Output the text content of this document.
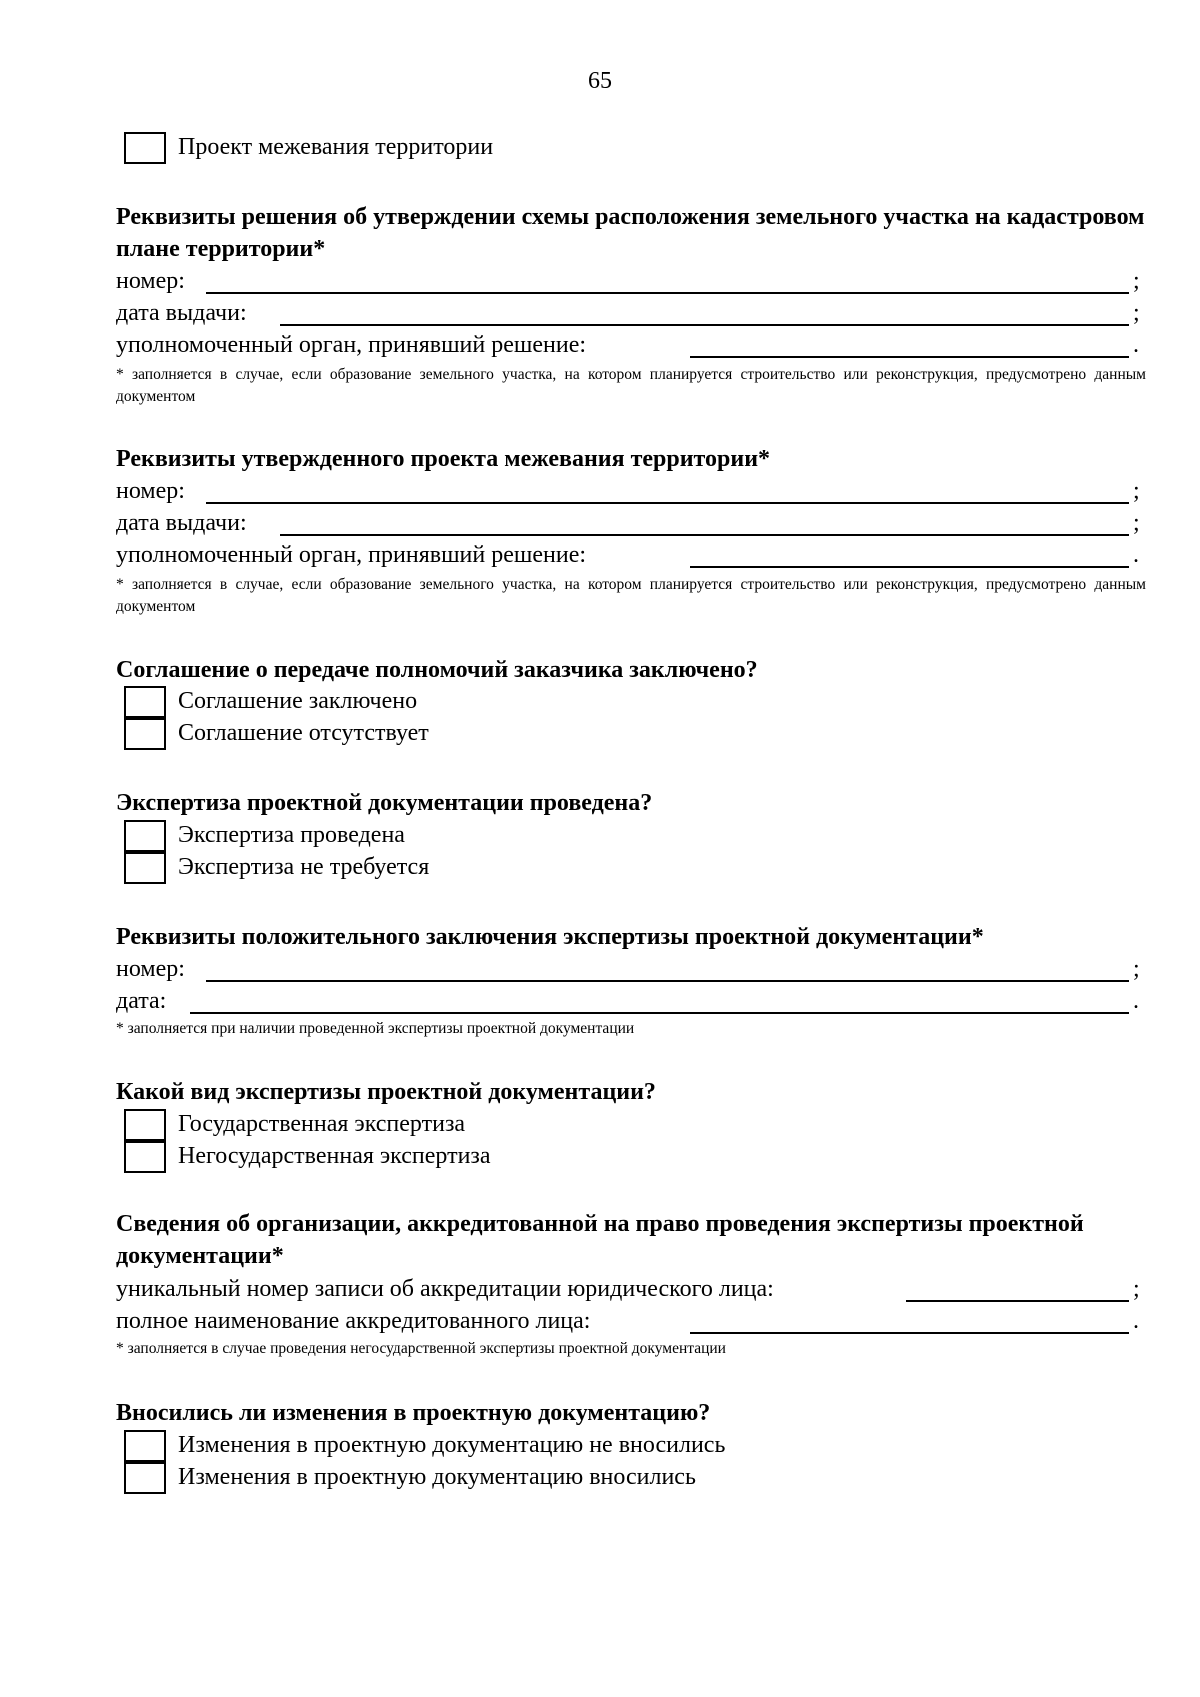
65
Проект межевания территории
Реквизиты решения об утверждении схемы расположения земельного участка на кадастровом плане территории*
номер:	;
дата выдачи:	;
уполномоченный орган, принявший решение:	.
* заполняется в случае, если образование земельного участка, на котором планируется строительство или реконструкция, предусмотрено данным документом
Реквизиты утвержденного проекта межевания территории*
номер:	;
дата выдачи:	;
уполномоченный орган, принявший решение:	.
* заполняется в случае, если образование земельного участка, на котором планируется строительство или реконструкция, предусмотрено данным документом
Соглашение о передаче полномочий заказчика заключено?
Соглашение заключено
Соглашение отсутствует
Экспертиза проектной документации проведена?
Экспертиза проведена
Экспертиза не требуется
Реквизиты положительного заключения экспертизы проектной документации*
номер:	;
дата:	.
* заполняется при наличии проведенной экспертизы проектной документации
Какой вид экспертизы проектной документации?
Государственная экспертиза
Негосударственная экспертиза
Сведения об организации, аккредитованной на право проведения экспертизы проектной документации*
уникальный номер записи об аккредитации юридического лица:	;
полное наименование аккредитованного лица:	.
* заполняется в случае проведения негосударственной экспертизы проектной документации
Вносились ли изменения в проектную документацию?
Изменения в проектную документацию не вносились
Изменения в проектную документацию вносились
